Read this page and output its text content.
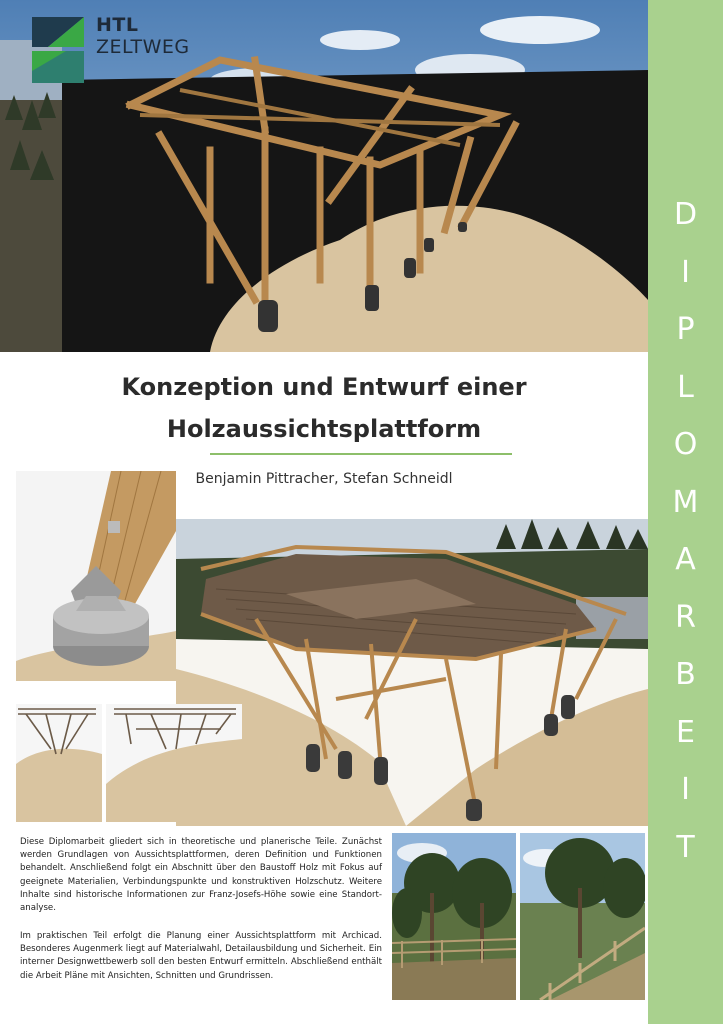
HTL
ZELTWEG
D
I
P
L
O
M
A
R
B
E
I
T

Konzeption und Entwurf einer

Holzaussichtsplattform

Benjamin Pittracher, Stefan Schneidl

Diese Diplomarbeit gliedert sich in theoretische und planerische Teile. Zunächst werden Grundlagen von Aussichtsplattformen, deren Definition und Funktionen behandelt. Anschließend folgt ein Abschnitt über den Baustoff Holz mit Fokus auf geeignete Materialien, Verbindungspunkte und konstruktiven Holzschutz. Weitere Inhalte sind historische Informationen zur Franz-Josefs-Höhe sowie eine Standort-analyse.

Im praktischen Teil erfolgt die Planung einer Aussichtsplattform mit Archicad. Besonderes Augenmerk liegt auf Materialwahl, Detailausbildung und Sicherheit. Ein interner Designwettbewerb soll den besten Entwurf ermitteln. Abschließend enthält die Arbeit Pläne mit Ansichten, Schnitten und Grundrissen.
